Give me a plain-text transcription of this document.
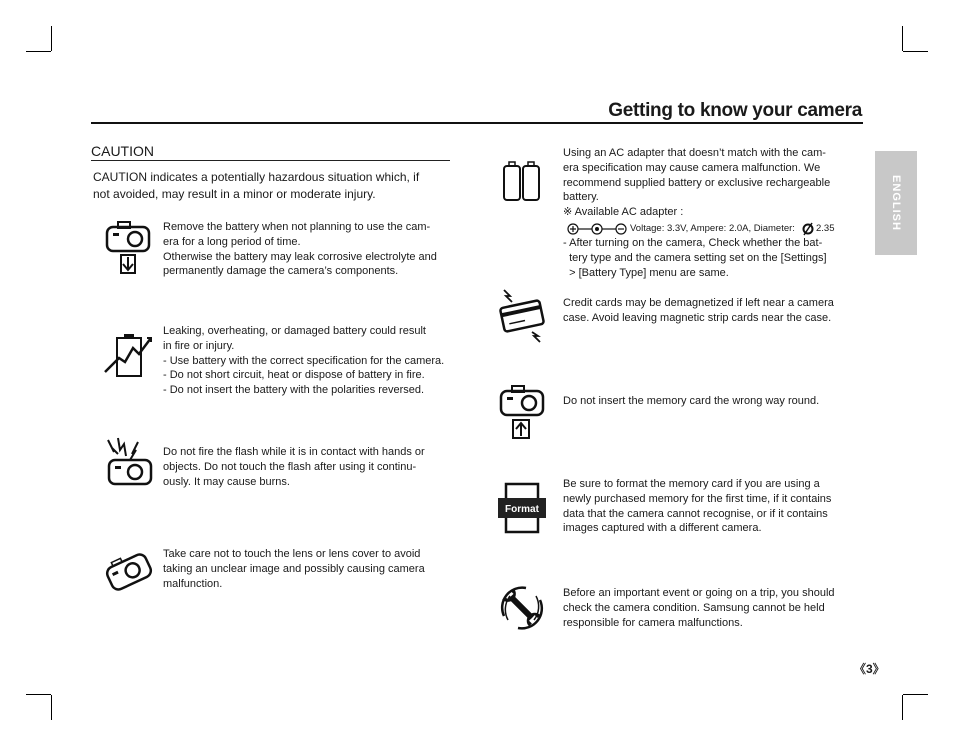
Getting to know your camera
ENGLISH
CAUTION
CAUTION indicates a potentially hazardous situation which, if
not avoided, may result in a minor or moderate injury.
Remove the battery when not planning to use the cam-
era for a long period of time.
Otherwise the battery may leak corrosive electrolyte and
permanently damage the camera’s components.
Leaking, overheating, or damaged battery could result
in fire or injury.
- Use battery with the correct specification for the camera.
- Do not short circuit, heat or dispose of battery in fire.
- Do not insert the battery with the polarities reversed.
Do not fire the flash while it is in contact with hands or
objects. Do not touch the flash after using it continu-
ously. It may cause burns.
Take care not to touch the lens or lens cover to avoid
taking an unclear image and possibly causing camera
malfunction.
Using an AC adapter that doesn’t match with the cam-
era specification may cause camera malfunction. We
recommend supplied battery or exclusive rechargeable
battery.
※ Available AC adapter :
Voltage: 3.3V, Ampere: 2.0A, Diameter: 2.35
- After turning on the camera, Check whether the bat-
tery type and the camera setting set on the [Settings]
> [Battery Type] menu are same.
Credit cards may be demagnetized if left near a camera
case. Avoid leaving magnetic strip cards near the case.
Do not insert the memory card the wrong way round.
Format
Be sure to format the memory card if you are using a
newly purchased memory for the first time, if it contains
data that the camera cannot recognise, or if it contains
images captured with a different camera.
Before an important event or going on a trip, you should
check the camera condition. Samsung cannot be held
responsible for camera malfunctions.
《3》
